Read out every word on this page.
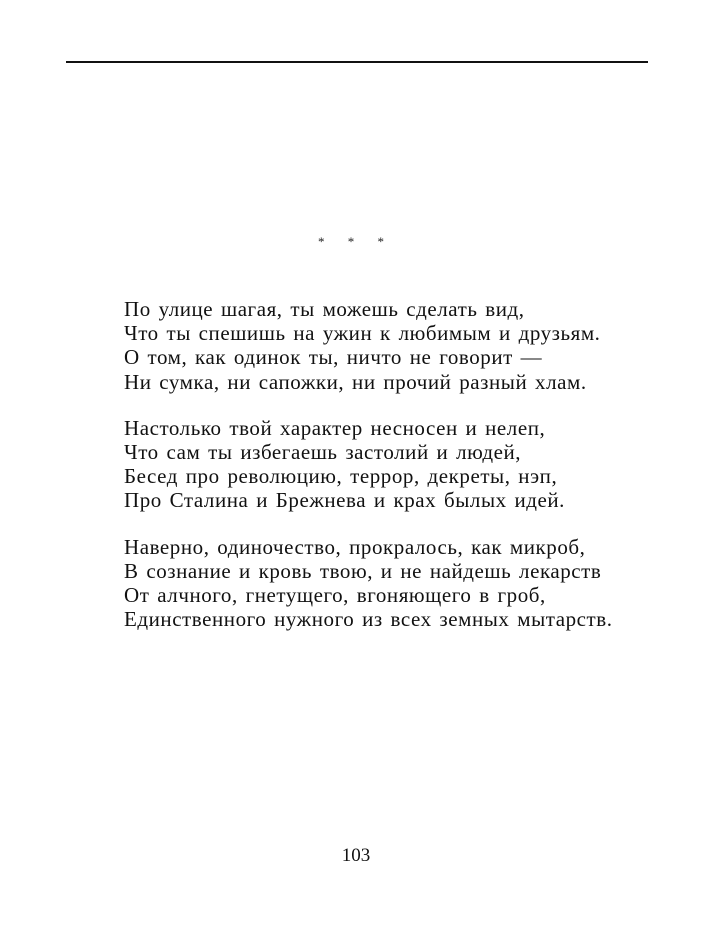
* * *
По улице шагая, ты можешь сделать вид,
Что ты спешишь на ужин к любимым и друзьям.
О том, как одинок ты, ничто не говорит —
Ни сумка, ни сапожки, ни прочий разный хлам.
Настолько твой характер несносен и нелеп,
Что сам ты избегаешь застолий и людей,
Бесед про революцию, террор, декреты, нэп,
Про Сталина и Брежнева и крах былых идей.
Наверно, одиночество, прокралось, как микроб,
В сознание и кровь твою, и не найдешь лекарств
От алчного, гнетущего, вгоняющего в гроб,
Единственного нужного из всех земных мытарств.
103
